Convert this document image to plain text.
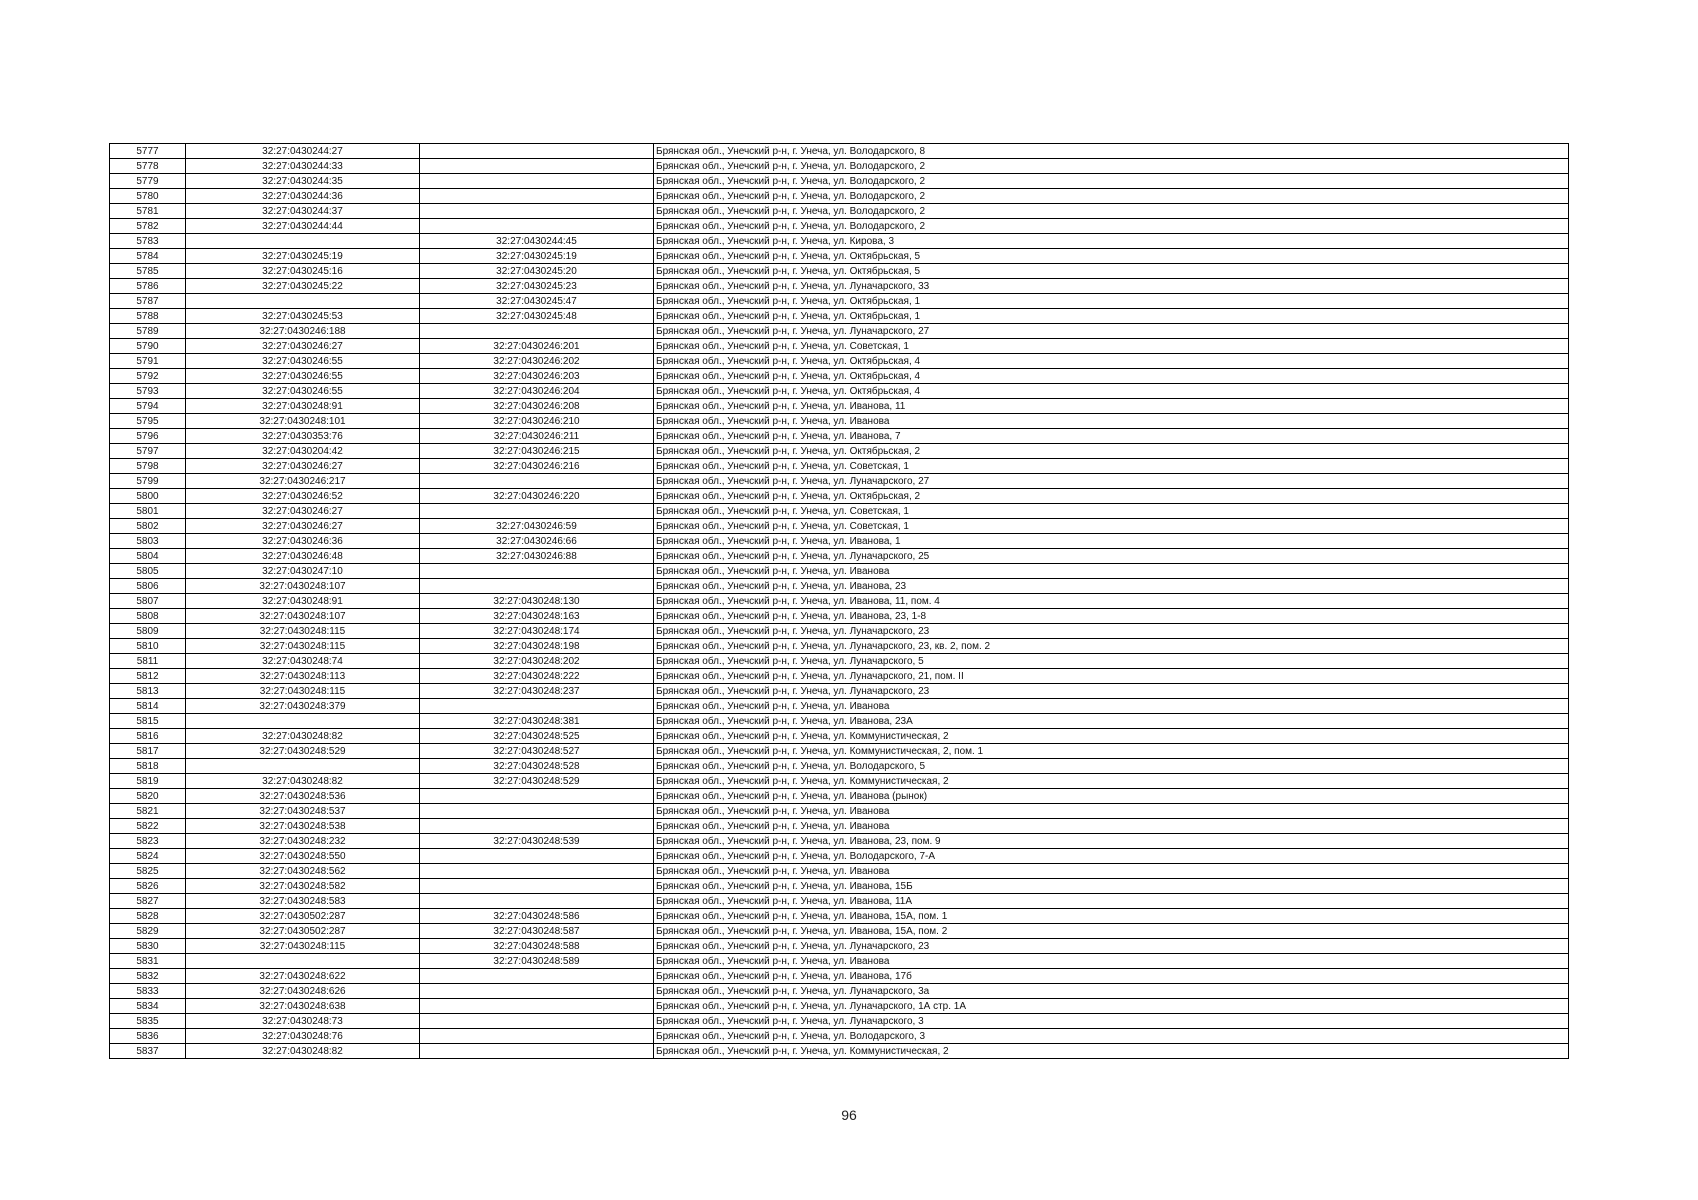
5777	32:27:0430244:27		Брянская обл., Унечский р-н, г. Унеча, ул. Володарского, 8
5778	32:27:0430244:33		Брянская обл., Унечский р-н, г. Унеча, ул. Володарского, 2
5779	32:27:0430244:35		Брянская обл., Унечский р-н, г. Унеча, ул. Володарского, 2
5780	32:27:0430244:36		Брянская обл., Унечский р-н, г. Унеча, ул. Володарского, 2
5781	32:27:0430244:37		Брянская обл., Унечский р-н, г. Унеча, ул. Володарского, 2
5782	32:27:0430244:44		Брянская обл., Унечский р-н, г. Унеча, ул. Володарского, 2
5783		32:27:0430244:45	Брянская обл., Унечский р-н, г. Унеча, ул. Кирова, 3
5784	32:27:0430245:19	32:27:0430245:19	Брянская обл., Унечский р-н, г. Унеча, ул. Октябрьская, 5
5785	32:27:0430245:16	32:27:0430245:20	Брянская обл., Унечский р-н, г. Унеча, ул. Октябрьская, 5
5786	32:27:0430245:22	32:27:0430245:23	Брянская обл., Унечский р-н, г. Унеча, ул. Луначарского, 33
5787		32:27:0430245:47	Брянская обл., Унечский р-н, г. Унеча, ул. Октябрьская, 1
5788	32:27:0430245:53	32:27:0430245:48	Брянская обл., Унечский р-н, г. Унеча, ул. Октябрьская, 1
5789	32:27:0430246:188		Брянская обл., Унечский р-н, г. Унеча, ул. Луначарского, 27
5790	32:27:0430246:27	32:27:0430246:201	Брянская обл., Унечский р-н, г. Унеча, ул. Советская, 1
5791	32:27:0430246:55	32:27:0430246:202	Брянская обл., Унечский р-н, г. Унеча, ул. Октябрьская, 4
5792	32:27:0430246:55	32:27:0430246:203	Брянская обл., Унечский р-н, г. Унеча, ул. Октябрьская, 4
5793	32:27:0430246:55	32:27:0430246:204	Брянская обл., Унечский р-н, г. Унеча, ул. Октябрьская, 4
5794	32:27:0430248:91	32:27:0430246:208	Брянская обл., Унечский р-н, г. Унеча, ул. Иванова, 11
5795	32:27:0430248:101	32:27:0430246:210	Брянская обл., Унечский р-н, г. Унеча, ул. Иванова
5796	32:27:0430353:76	32:27:0430246:211	Брянская обл., Унечский р-н, г. Унеча, ул. Иванова, 7
5797	32:27:0430204:42	32:27:0430246:215	Брянская обл., Унечский р-н, г. Унеча, ул. Октябрьская, 2
5798	32:27:0430246:27	32:27:0430246:216	Брянская обл., Унечский р-н, г. Унеча, ул. Советская, 1
5799	32:27:0430246:217		Брянская обл., Унечский р-н, г. Унеча, ул. Луначарского, 27
5800	32:27:0430246:52	32:27:0430246:220	Брянская обл., Унечский р-н, г. Унеча, ул. Октябрьская, 2
5801	32:27:0430246:27		Брянская обл., Унечский р-н, г. Унеча, ул. Советская, 1
5802	32:27:0430246:27	32:27:0430246:59	Брянская обл., Унечский р-н, г. Унеча, ул. Советская, 1
5803	32:27:0430246:36	32:27:0430246:66	Брянская обл., Унечский р-н, г. Унеча, ул. Иванова, 1
5804	32:27:0430246:48	32:27:0430246:88	Брянская обл., Унечский р-н, г. Унеча, ул. Луначарского, 25
5805	32:27:0430247:10		Брянская обл., Унечский р-н, г. Унеча, ул. Иванова
5806	32:27:0430248:107		Брянская обл., Унечский р-н, г. Унеча, ул. Иванова, 23
5807	32:27:0430248:91	32:27:0430248:130	Брянская обл., Унечский р-н, г. Унеча, ул. Иванова, 11, пом. 4
5808	32:27:0430248:107	32:27:0430248:163	Брянская обл., Унечский р-н, г. Унеча, ул. Иванова, 23, 1-8
5809	32:27:0430248:115	32:27:0430248:174	Брянская обл., Унечский р-н, г. Унеча, ул. Луначарского, 23
5810	32:27:0430248:115	32:27:0430248:198	Брянская обл., Унечский р-н, г. Унеча, ул. Луначарского, 23, кв. 2, пом. 2
5811	32:27:0430248:74	32:27:0430248:202	Брянская обл., Унечский р-н, г. Унеча, ул. Луначарского, 5
5812	32:27:0430248:113	32:27:0430248:222	Брянская обл., Унечский р-н, г. Унеча, ул. Луначарского, 21, пом. II
5813	32:27:0430248:115	32:27:0430248:237	Брянская обл., Унечский р-н, г. Унеча, ул. Луначарского, 23
5814	32:27:0430248:379		Брянская обл., Унечский р-н, г. Унеча, ул. Иванова
5815		32:27:0430248:381	Брянская обл., Унечский р-н, г. Унеча, ул. Иванова, 23А
5816	32:27:0430248:82	32:27:0430248:525	Брянская обл., Унечский р-н, г. Унеча, ул. Коммунистическая, 2
5817	32:27:0430248:529	32:27:0430248:527	Брянская обл., Унечский р-н, г. Унеча, ул. Коммунистическая, 2, пом. 1
5818		32:27:0430248:528	Брянская обл., Унечский р-н, г. Унеча, ул. Володарского, 5
5819	32:27:0430248:82	32:27:0430248:529	Брянская обл., Унечский р-н, г. Унеча, ул. Коммунистическая, 2
5820	32:27:0430248:536		Брянская обл., Унечский р-н, г. Унеча, ул. Иванова (рынок)
5821	32:27:0430248:537		Брянская обл., Унечский р-н, г. Унеча, ул. Иванова
5822	32:27:0430248:538		Брянская обл., Унечский р-н, г. Унеча, ул. Иванова
5823	32:27:0430248:232	32:27:0430248:539	Брянская обл., Унечский р-н, г. Унеча, ул. Иванова, 23, пом. 9
5824	32:27:0430248:550		Брянская обл., Унечский р-н, г. Унеча, ул. Володарского, 7-А
5825	32:27:0430248:562		Брянская обл., Унечский р-н, г. Унеча, ул. Иванова
5826	32:27:0430248:582		Брянская обл., Унечский р-н, г. Унеча, ул. Иванова, 15Б
5827	32:27:0430248:583		Брянская обл., Унечский р-н, г. Унеча, ул. Иванова, 11А
5828	32:27:0430502:287	32:27:0430248:586	Брянская обл., Унечский р-н, г. Унеча, ул. Иванова, 15А, пом. 1
5829	32:27:0430502:287	32:27:0430248:587	Брянская обл., Унечский р-н, г. Унеча, ул. Иванова, 15А, пом. 2
5830	32:27:0430248:115	32:27:0430248:588	Брянская обл., Унечский р-н, г. Унеча, ул. Луначарского, 23
5831		32:27:0430248:589	Брянская обл., Унечский р-н, г. Унеча, ул. Иванова
5832	32:27:0430248:622		Брянская обл., Унечский р-н, г. Унеча, ул. Иванова, 17б
5833	32:27:0430248:626		Брянская обл., Унечский р-н, г. Унеча, ул. Луначарского, 3а
5834	32:27:0430248:638		Брянская обл., Унечский р-н, г. Унеча, ул. Луначарского, 1А стр. 1А
5835	32:27:0430248:73		Брянская обл., Унечский р-н, г. Унеча, ул. Луначарского, 3
5836	32:27:0430248:76		Брянская обл., Унечский р-н, г. Унеча, ул. Володарского, 3
5837	32:27:0430248:82		Брянская обл., Унечский р-н, г. Унеча, ул. Коммунистическая, 2
96
